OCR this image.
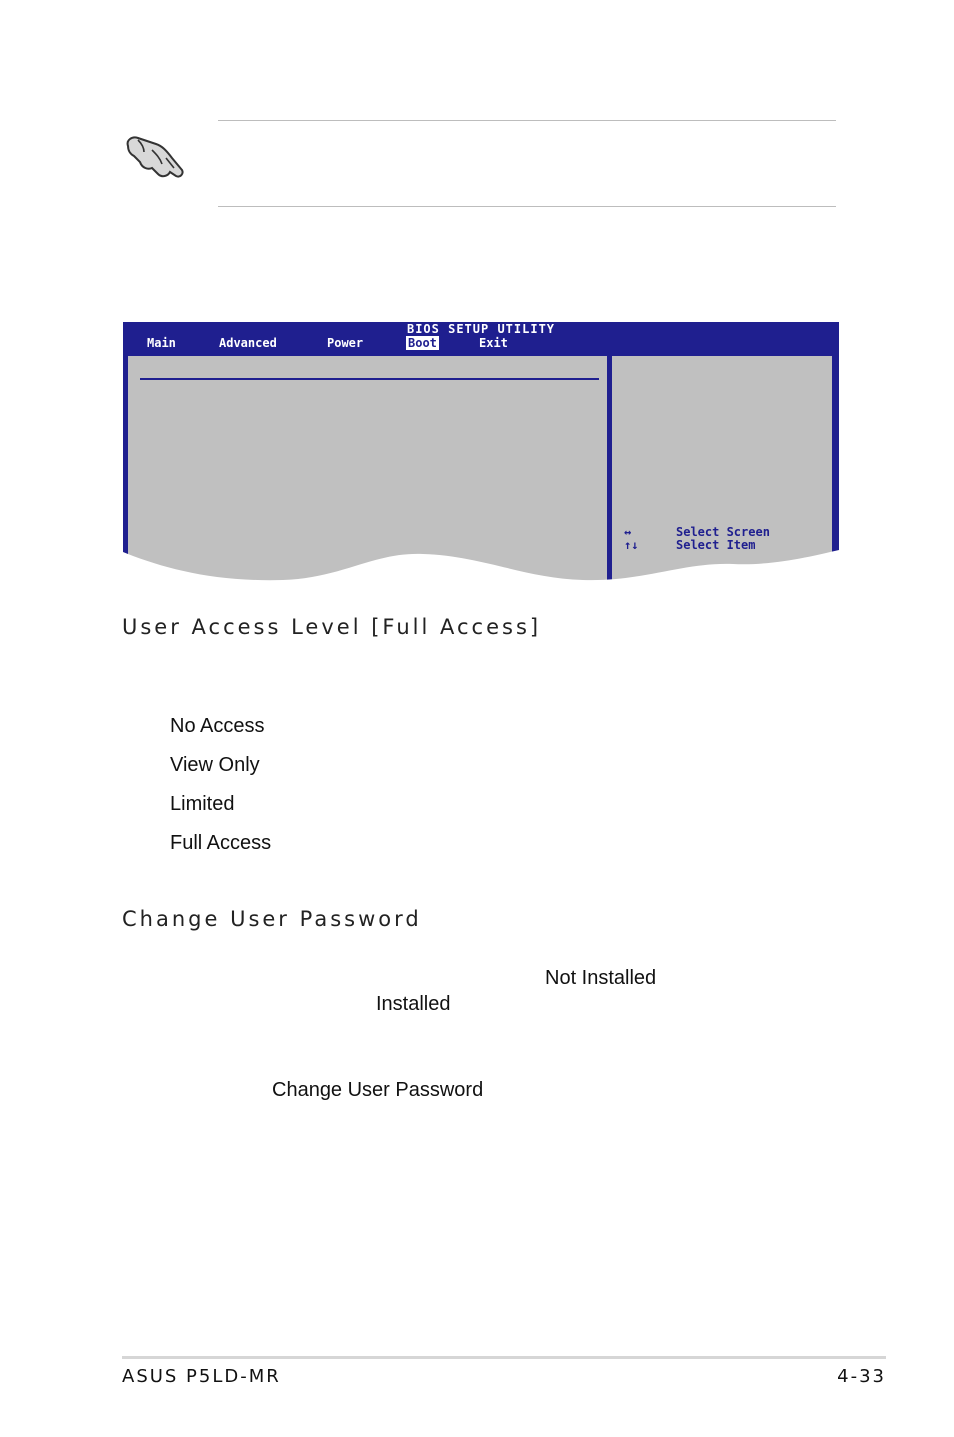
BIOS SETUP UTILITY
Main	Advanced	Power	Boot	Exit
↔	Select Screen
↑↓	Select Item
User Access Level [Full Access]
No Access
View Only
Limited
Full Access
Change User Password
Not Installed
Installed
Change User Password
ASUS P5LD-MR	4-33
